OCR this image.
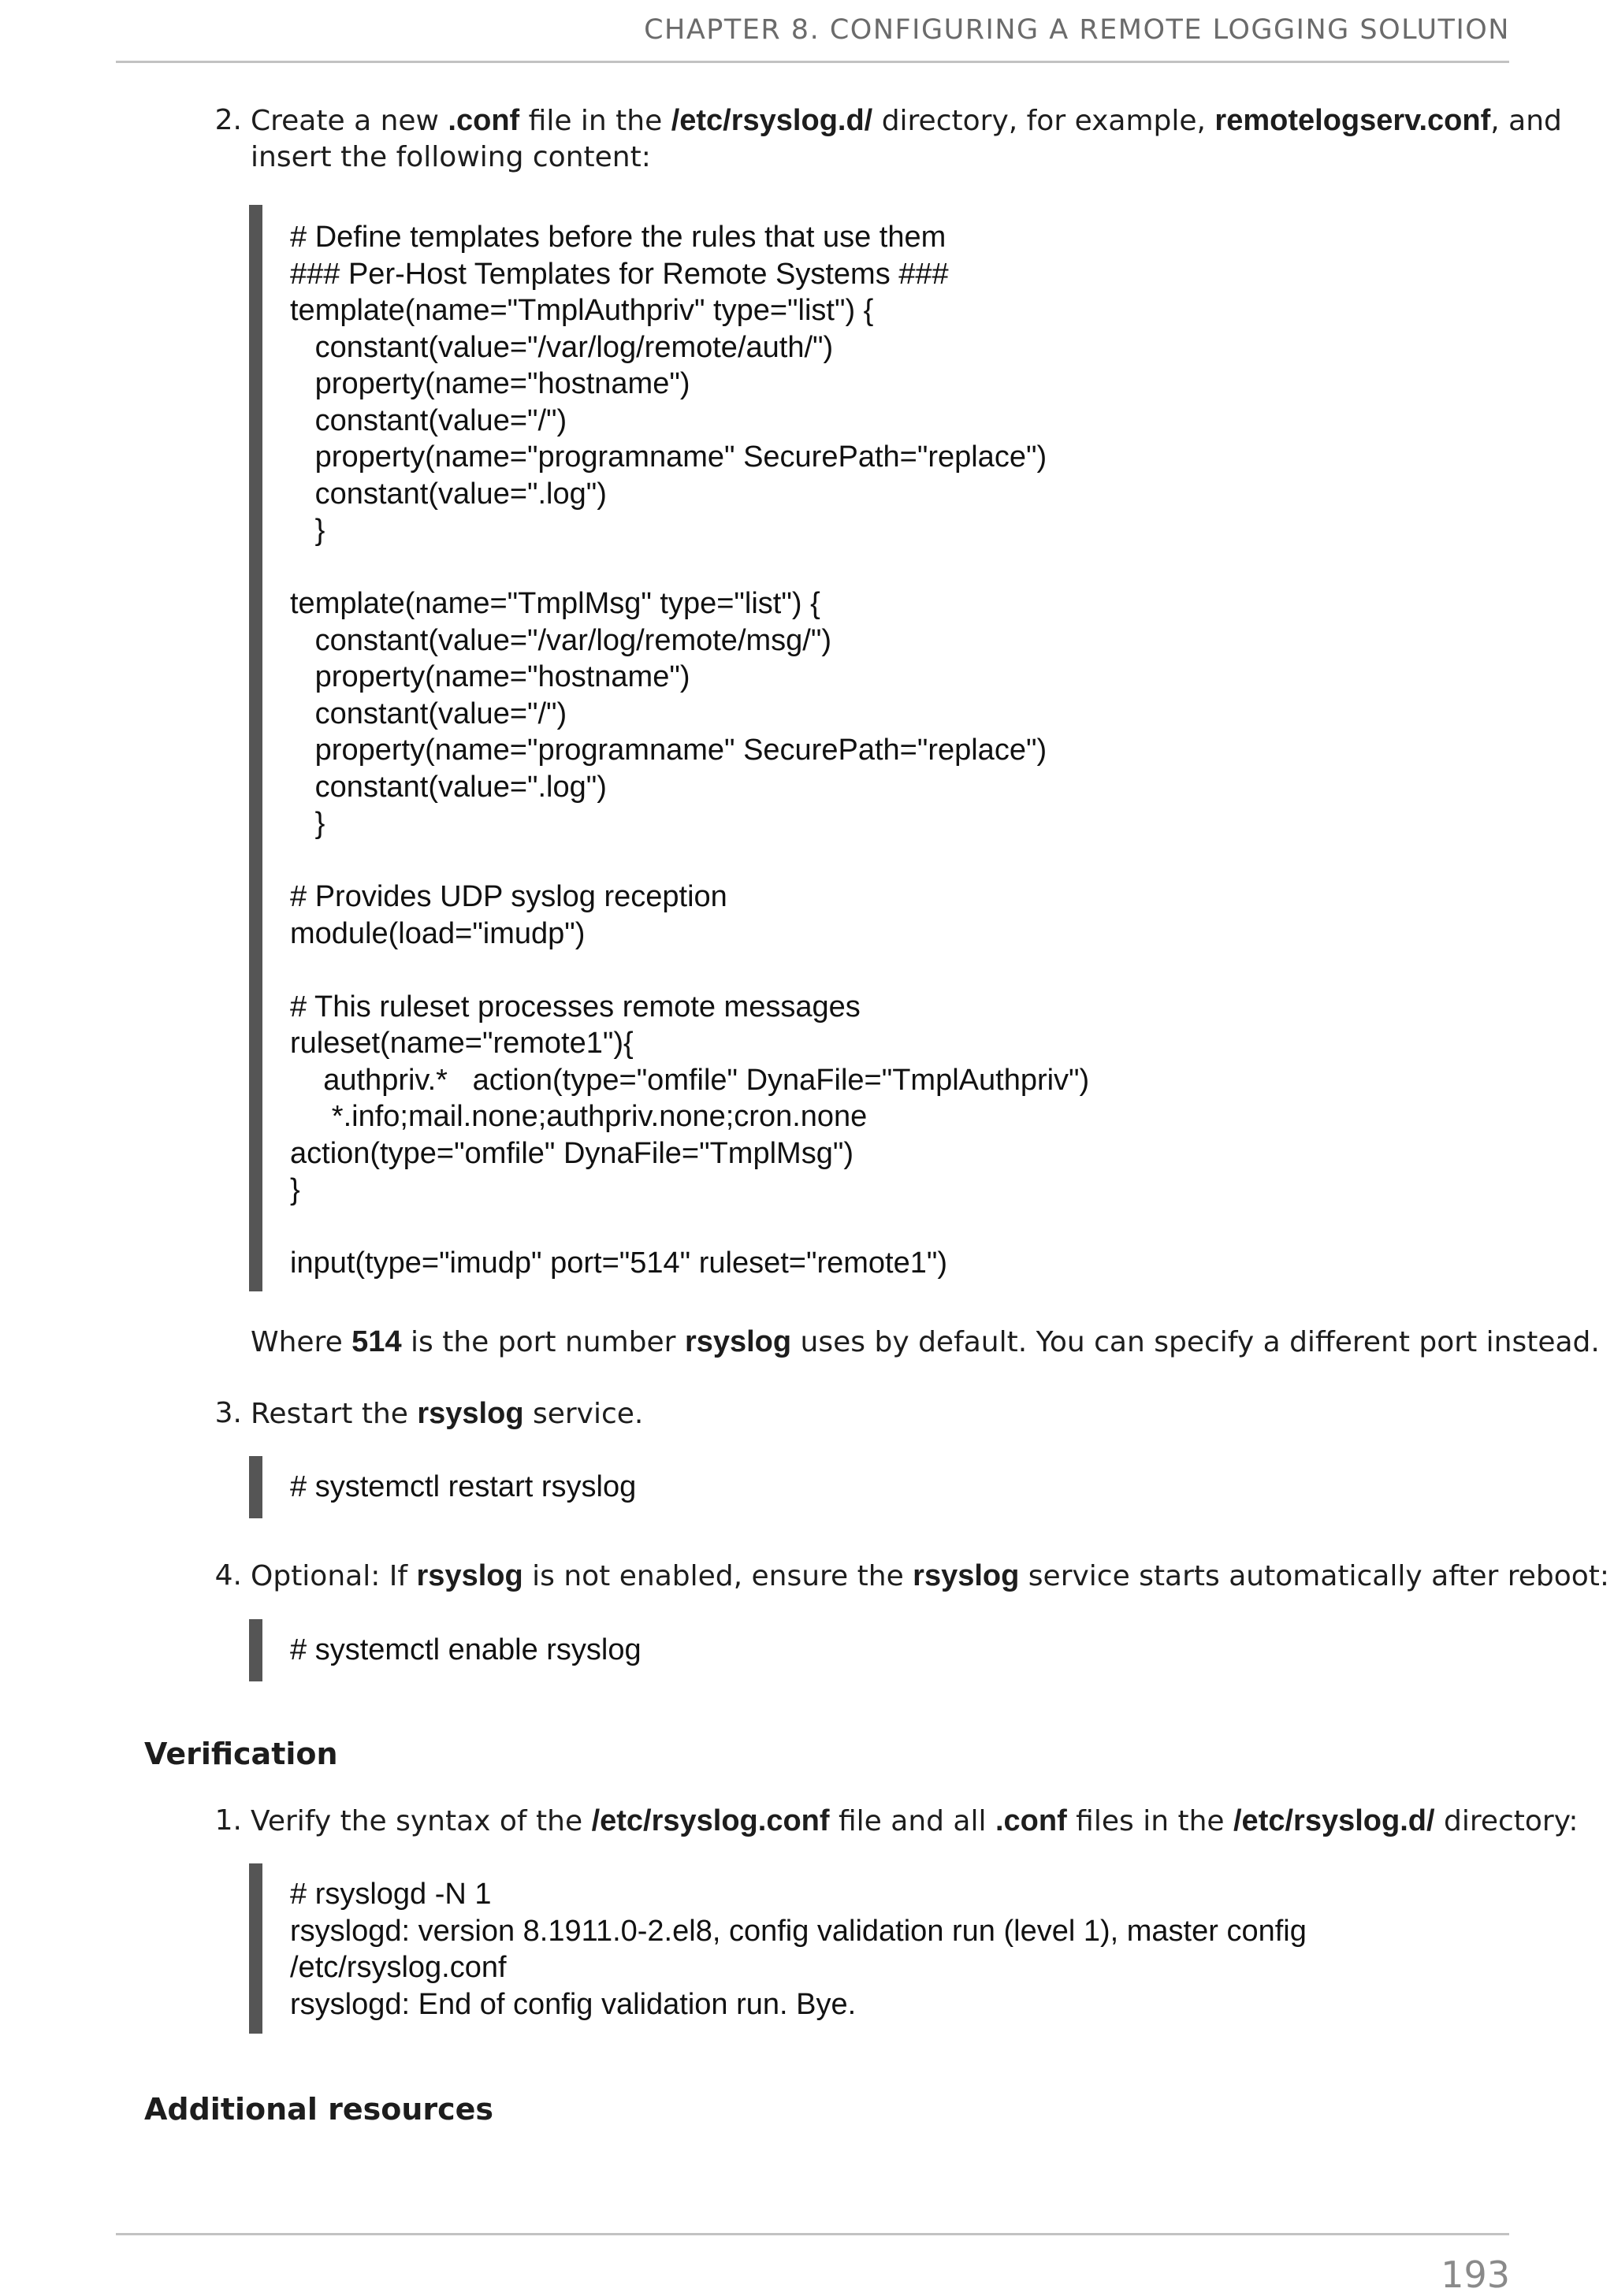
CHAPTER 8. CONFIGURING A REMOTE LOGGING SOLUTION
2. Create a new .conf file in the /etc/rsyslog.d/ directory, for example, remotelogserv.conf, and
insert the following content:
# Define templates before the rules that use them
### Per-Host Templates for Remote Systems ###
template(name="TmplAuthpriv" type="list") {
constant(value="/var/log/remote/auth/")
property(name="hostname")
constant(value="/")
property(name="programname" SecurePath="replace")
constant(value=".log")
}
template(name="TmplMsg" type="list") {
constant(value="/var/log/remote/msg/")
property(name="hostname")
constant(value="/")
property(name="programname" SecurePath="replace")
constant(value=".log")
}
# Provides UDP syslog reception
module(load="imudp")
# This ruleset processes remote messages
ruleset(name="remote1"){
authpriv.*   action(type="omfile" DynaFile="TmplAuthpriv")
*.info;mail.none;authpriv.none;cron.none
action(type="omfile" DynaFile="TmplMsg")
}
input(type="imudp" port="514" ruleset="remote1")
Where 514 is the port number rsyslog uses by default. You can specify a different port instead.
3. Restart the rsyslog service.
# systemctl restart rsyslog
4. Optional: If rsyslog is not enabled, ensure the rsyslog service starts automatically after reboot:
# systemctl enable rsyslog
Verification
1. Verify the syntax of the /etc/rsyslog.conf file and all .conf files in the /etc/rsyslog.d/ directory:
# rsyslogd -N 1
rsyslogd: version 8.1911.0-2.el8, config validation run (level 1), master config
/etc/rsyslog.conf
rsyslogd: End of config validation run. Bye.
Additional resources
193
